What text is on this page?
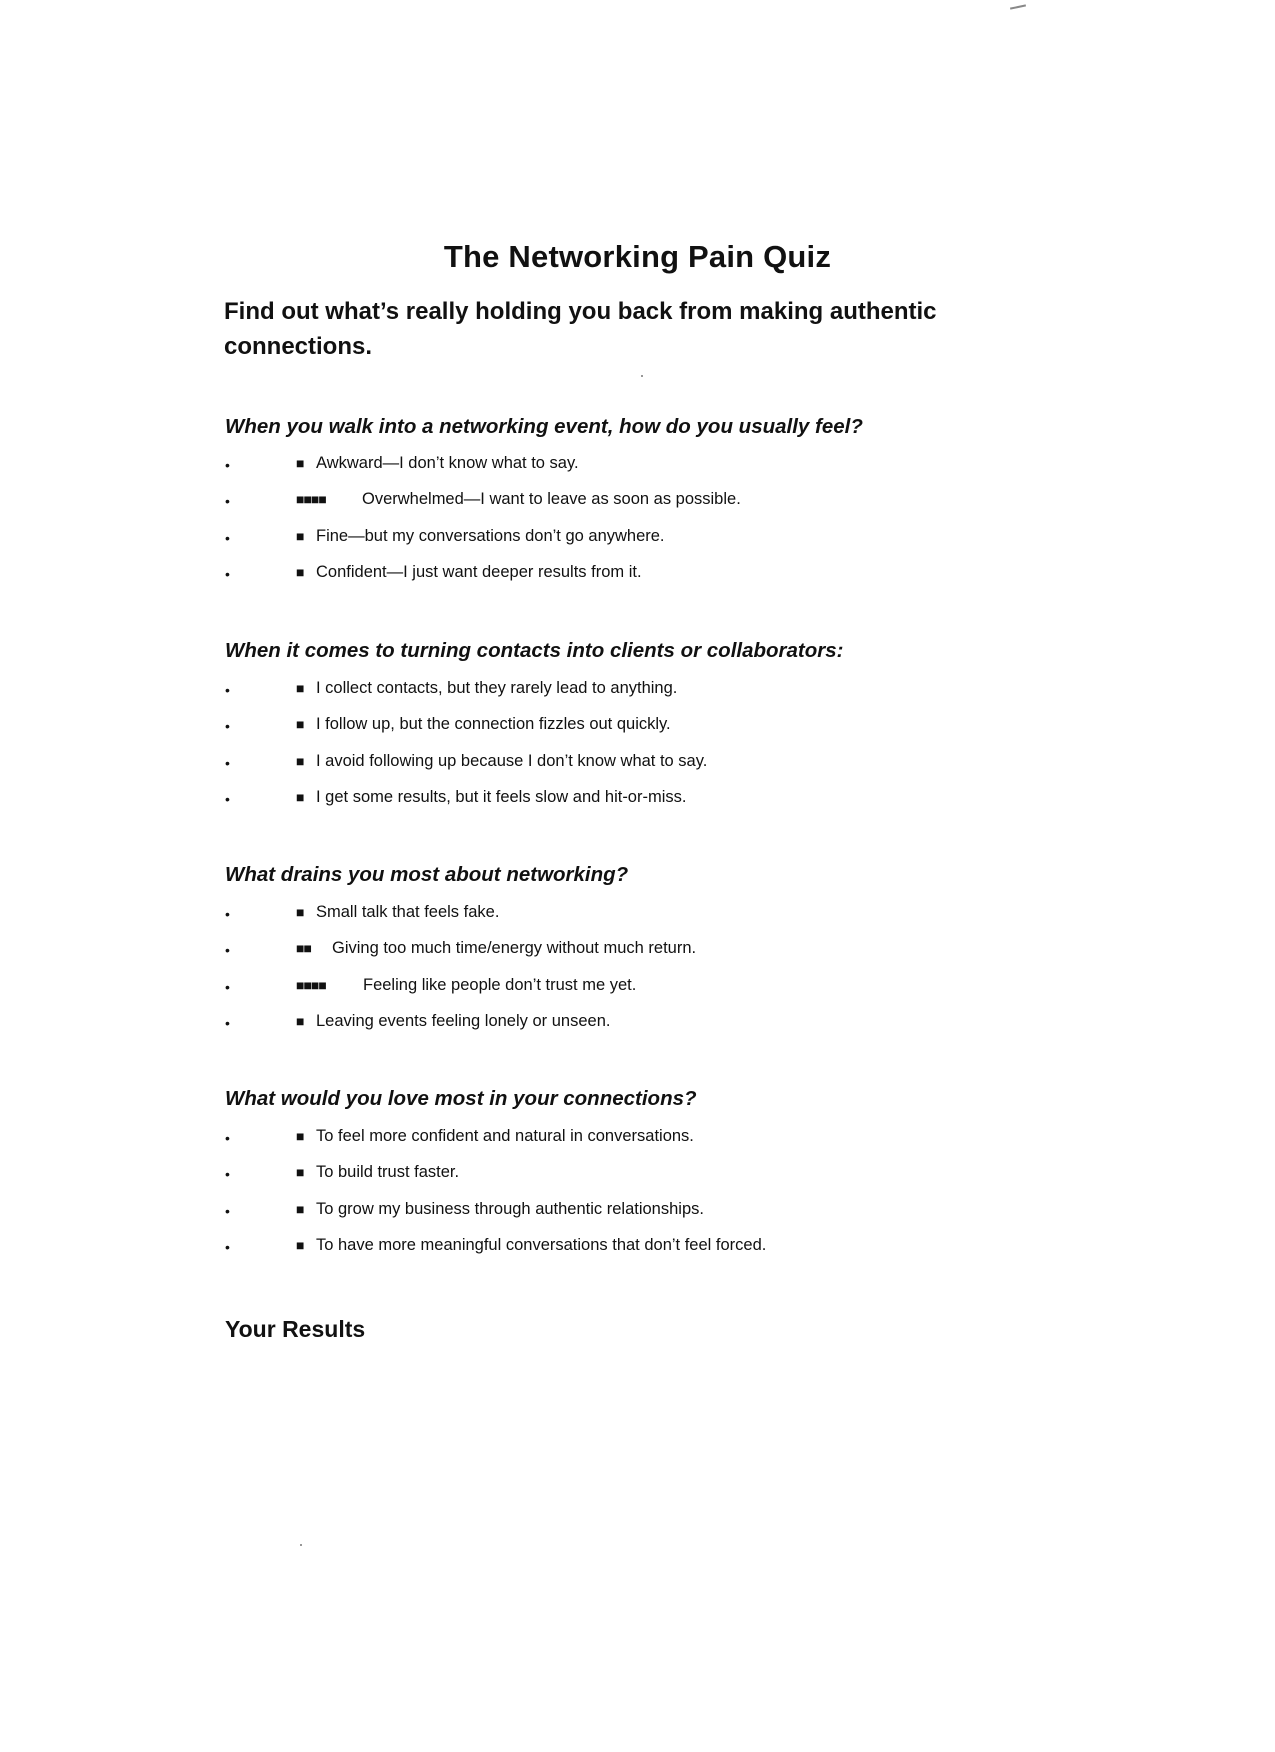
The Networking Pain Quiz
Find out what’s really holding you back from making authentic connections.
When you walk into a networking event, how do you usually feel?
•	■ Awkward—I don’t know what to say.
•	■■■■ Overwhelmed—I want to leave as soon as possible.
•	■ Fine—but my conversations don’t go anywhere.
•	■ Confident—I just want deeper results from it.
When it comes to turning contacts into clients or collaborators:
•	■ I collect contacts, but they rarely lead to anything.
•	■ I follow up, but the connection fizzles out quickly.
•	■ I avoid following up because I don’t know what to say.
•	■ I get some results, but it feels slow and hit-or-miss.
What drains you most about networking?
•	■ Small talk that feels fake.
•	■■ Giving too much time/energy without much return.
•	■■■■ Feeling like people don’t trust me yet.
•	■ Leaving events feeling lonely or unseen.
What would you love most in your connections?
•	■ To feel more confident and natural in conversations.
•	■ To build trust faster.
•	■ To grow my business through authentic relationships.
•	■ To have more meaningful conversations that don’t feel forced.
Your Results
